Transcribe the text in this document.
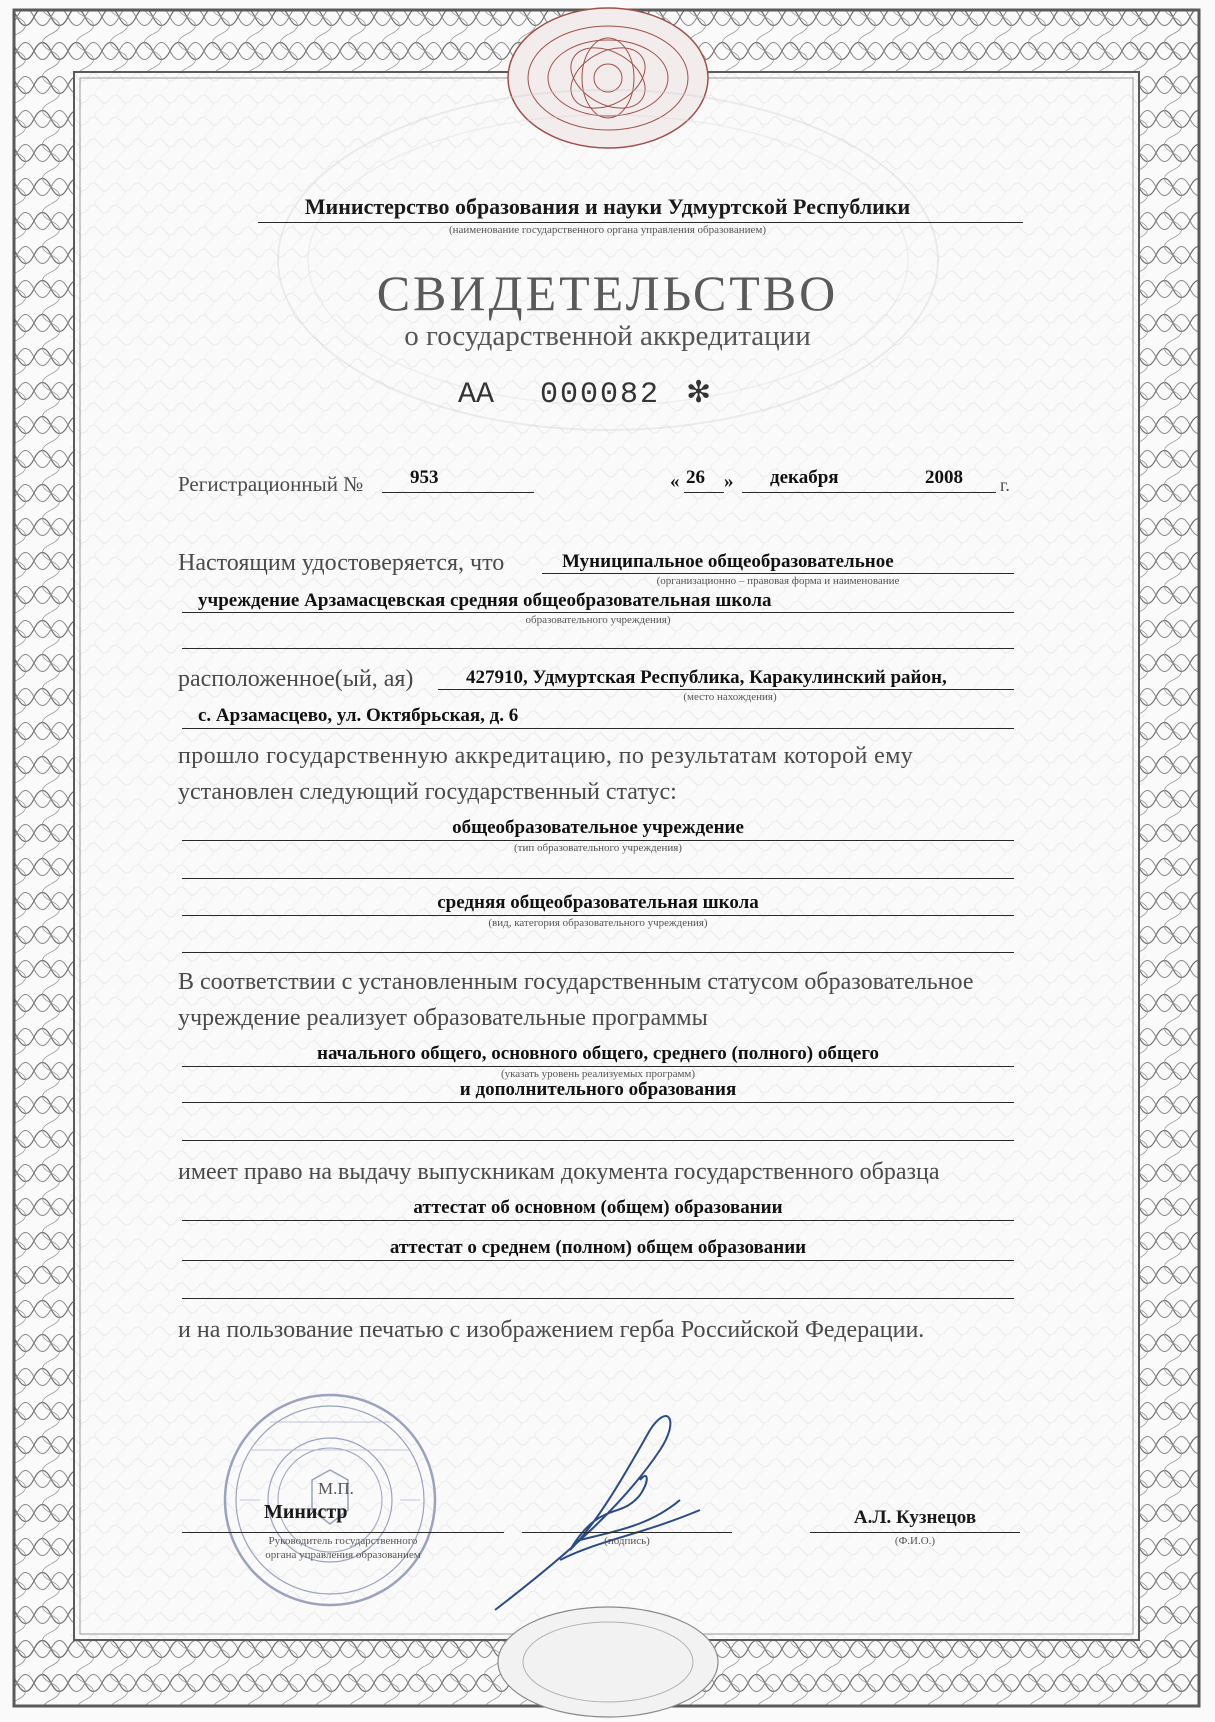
Министерство образования и науки Удмуртской Республики
(наименование государственного органа управления образованием)
СВИДЕТЕЛЬСТВО
о государственной аккредитации
АА 000082 ✻
Регистрационный № 953	« 26 » декабря	2008 г.
Настоящим удостоверяется, что	Муниципальное общеобразовательное
(организационно – правовая форма и наименование
учреждение Арзамасцевская средняя общеобразовательная школа
образовательного учреждения)
расположенное(ый, ая)	427910, Удмуртская Республика, Каракулинский район,
(место нахождения)
с. Арзамасцево, ул. Октябрьская, д. 6
прошло государственную аккредитацию, по результатам которой ему
установлен следующий государственный статус:
общеобразовательное учреждение
(тип образовательного учреждения)
средняя общеобразовательная школа
(вид, категория образовательного учреждения)
В соответствии с установленным государственным статусом образовательное
учреждение реализует образовательные программы
начального общего, основного общего, среднего (полного) общего
(указать уровень реализуемых программ)
и дополнительного образования
имеет право на выдачу выпускникам документа государственного образца
аттестат об основном (общем) образовании
аттестат о среднем (полном) общем образовании
и на пользование печатью с изображением герба Российской Федерации.
М.П.
Министр
Руководитель государственного
органа управления образованием
(подпись)
А.Л. Кузнецов
(Ф.И.О.)
